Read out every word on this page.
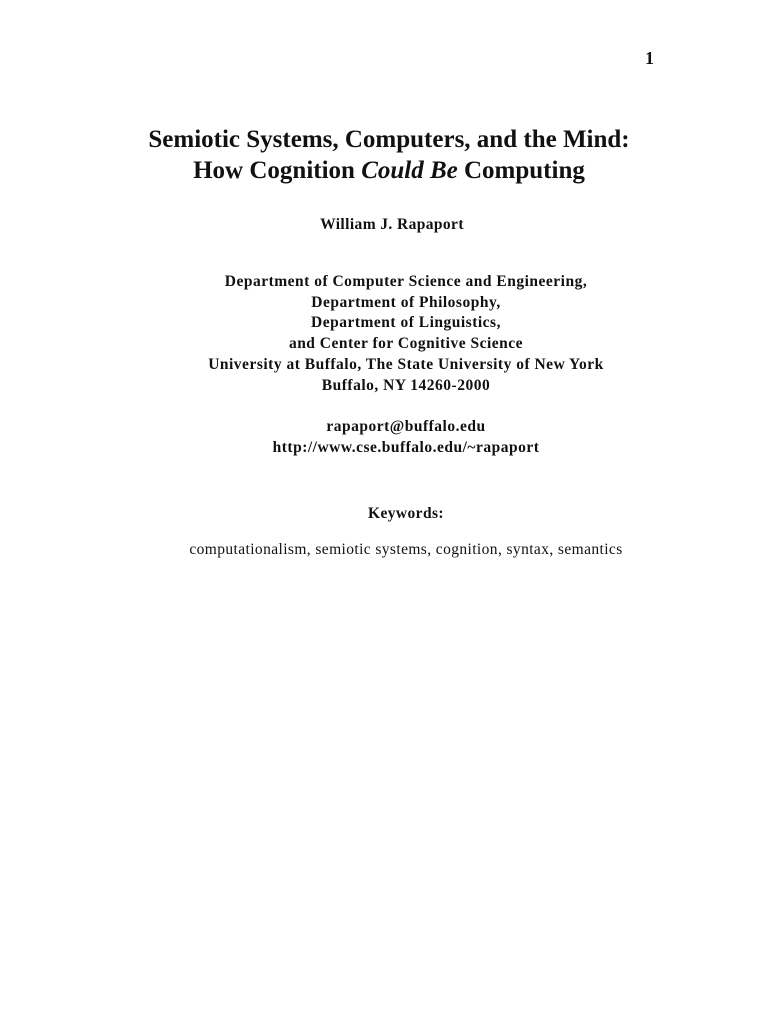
1
Semiotic Systems, Computers, and the Mind:
How Cognition Could Be Computing
William J. Rapaport
Department of Computer Science and Engineering,
Department of Philosophy,
Department of Linguistics,
and Center for Cognitive Science
University at Buffalo, The State University of New York
Buffalo, NY 14260-2000
rapaport@buffalo.edu
http://www.cse.buffalo.edu/~rapaport
Keywords:
computationalism, semiotic systems, cognition, syntax, semantics
